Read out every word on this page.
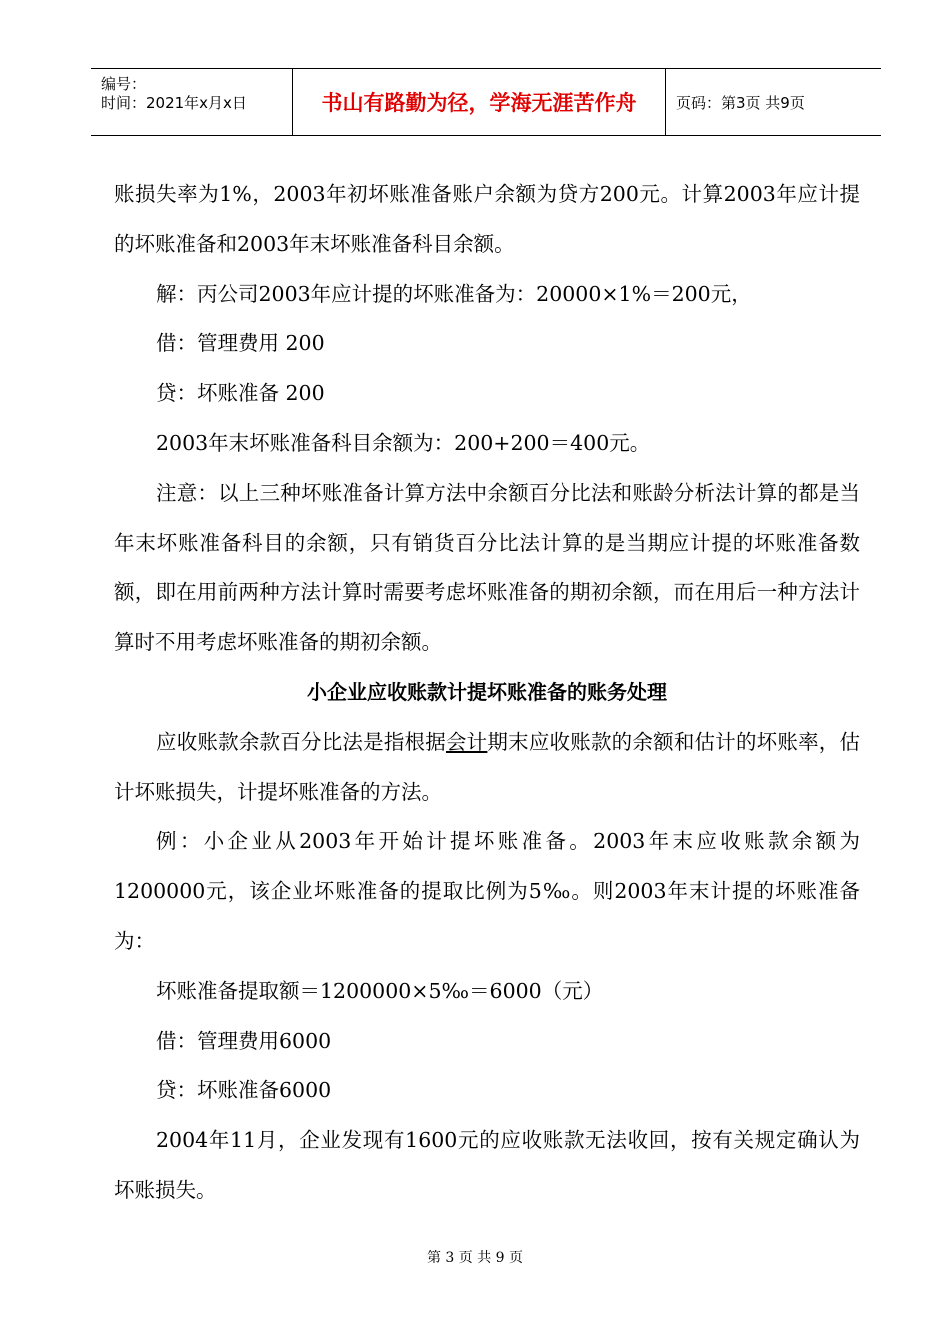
编号：
时间：2021年x月x日	书山有路勤为径，学海无涯苦作舟	页码：第3页 共9页

账损失率为1%，2003年初坏账准备账户余额为贷方200元。计算2003年应计提的坏账准备和2003年末坏账准备科目余额。

解：丙公司2003年应计提的坏账准备为：20000×1%＝200元，

借：管理费用 200

贷：坏账准备 200

2003年末坏账准备科目余额为：200+200＝400元。

注意：以上三种坏账准备计算方法中余额百分比法和账龄分析法计算的都是当年末坏账准备科目的余额，只有销货百分比法计算的是当期应计提的坏账准备数额，即在用前两种方法计算时需要考虑坏账准备的期初余额，而在用后一种方法计算时不用考虑坏账准备的期初余额。

小企业应收账款计提坏账准备的账务处理

应收账款余款百分比法是指根据会计期末应收账款的余额和估计的坏账率，估计坏账损失，计提坏账准备的方法。

例：小企业从2003年开始计提坏账准备。2003年末应收账款余额为1200000元，该企业坏账准备的提取比例为5‰。则2003年末计提的坏账准备为：

坏账准备提取额＝1200000×5‰＝6000（元）

借：管理费用6000

贷：坏账准备6000

2004年11月，企业发现有1600元的应收账款无法收回，按有关规定确认为坏账损失。

第 3 页 共 9 页
